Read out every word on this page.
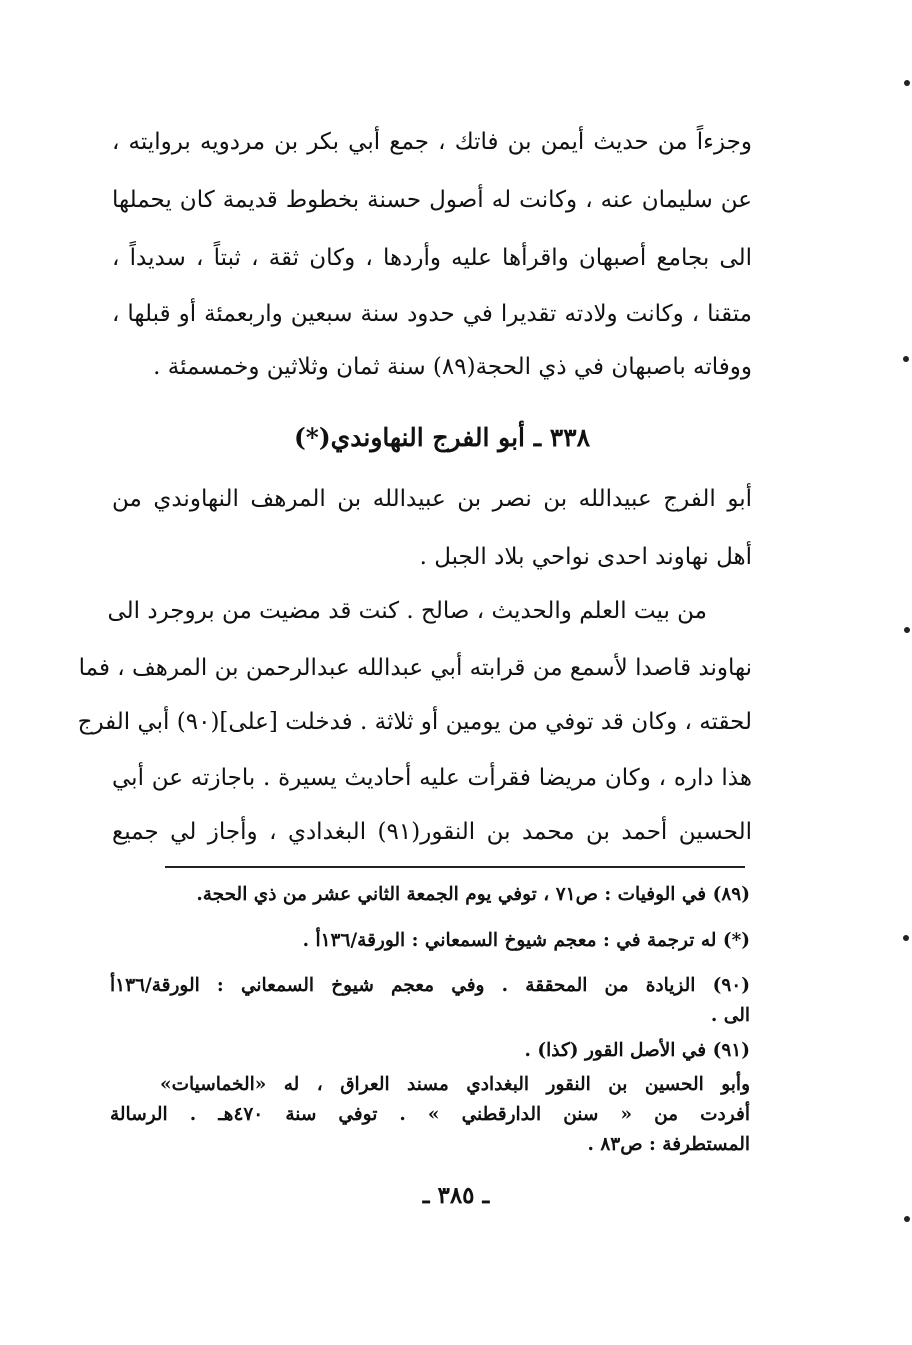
وجزءاً من حديث أيمن بن فاتك ، جمع أبي بكر بن مردويه بروايته ،
عن سليمان عنه ، وكانت له أصول حسنة بخطوط قديمة كان يحملها
الى بجامع أصبهان واقرأها عليه وأردها ، وكان ثقة ، ثبتاً ، سديداً ،
متقنا ، وكانت ولادته تقديرا في حدود سنة سبعين واربعمئة أو قبلها ،
ووفاته باصبهان في ذي الحجة(٨٩) سنة ثمان وثلاثين وخمسمئة .
٣٣٨ ـ أبو الفرج النهاوندي(*)
أبو الفرج عبيدالله بن نصر بن عبيدالله بن المرهف النهاوندي من
أهل نهاوند احدى نواحي بلاد الجبل .
من بيت العلم والحديث ، صالح . كنت قد مضيت من بروجرد الى
نهاوند قاصدا لأسمع من قرابته أبي عبدالله عبدالرحمن بن المرهف ، فما
لحقته ، وكان قد توفي من يومين أو ثلاثة . فدخلت [على](٩٠) أبي الفرج
هذا داره ، وكان مريضا فقرأت عليه أحاديث يسيرة . باجازته عن أبي
الحسين أحمد بن محمد بن النقور(٩١) البغدادي ، وأجاز لي جميع
(٨٩) في الوفيات : ص٧١ ، توفي يوم الجمعة الثاني عشر من ذي الحجة.
(*) له ترجمة في : معجم شيوخ السمعاني : الورقة/١٣٦أ .
(٩٠) الزيادة من المحققة . وفي معجم شيوخ السمعاني : الورقة/١٣٦أ
الى .
(٩١) في الأصل القور (كذا) .
وأبو الحسين بن النقور البغدادي مسند العراق ، له «الخماسيات»
أفردت من « سنن الدارقطني » . توفي سنة ٤٧٠هـ . الرسالة
المستطرفة : ص٨٣ .
ـ ٣٨٥ ـ
